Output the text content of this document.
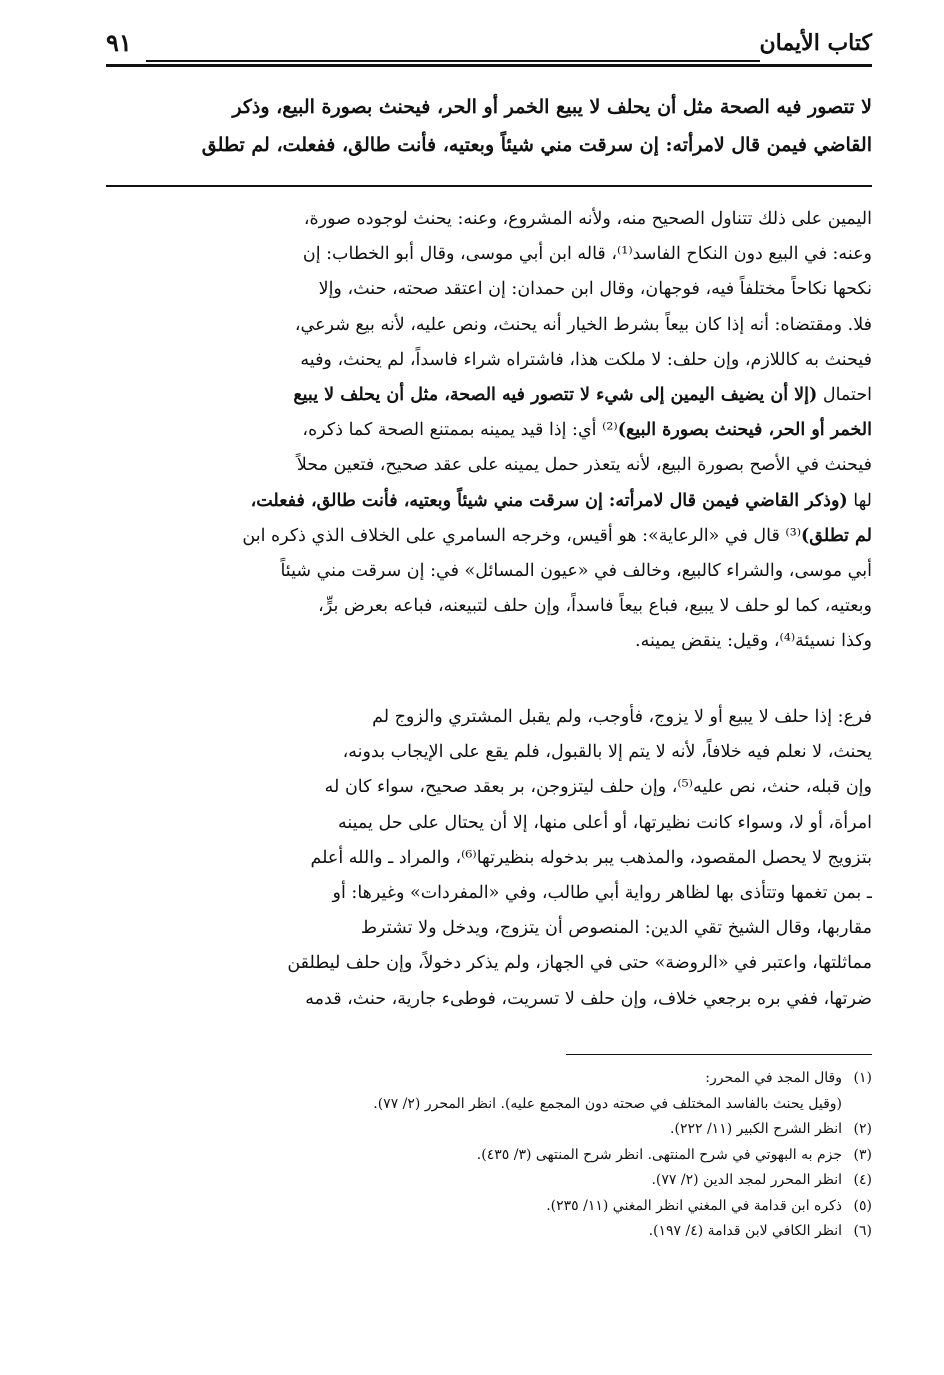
كتاب الأيمان
٩١
لا تتصور فيه الصحة مثل أن يحلف لا يبيع الخمر أو الحر، فيحنث بصورة البيع، وذكر
القاضي فيمن قال لامرأته: إن سرقت مني شيئاً وبعتيه، فأنت طالق، ففعلت، لم تطلق
اليمين على ذلك تتناول الصحيح منه، ولأنه المشروع، وعنه: يحنث لوجوده صورة،
وعنه: في البيع دون النكاح الفاسد⁽¹⁾، قاله ابن أبي موسى، وقال أبو الخطاب: إن
نكحها نكاحاً مختلفاً فيه، فوجهان، وقال ابن حمدان: إن اعتقد صحته، حنث، وإلا
فلا. ومقتضاه: أنه إذا كان بيعاً بشرط الخيار أنه يحنث، ونص عليه، لأنه بيع شرعي،
فيحنث به كاللازم، وإن حلف: لا ملكت هذا، فاشتراه شراء فاسداً، لم يحنث، وفيه
احتمال (إلا أن يضيف اليمين إلى شيء لا تتصور فيه الصحة، مثل أن يحلف لا يبيع
الخمر أو الحر، فيحنث بصورة البيع)⁽²⁾ أي: إذا قيد يمينه بممتنع الصحة كما ذكره،
فيحنث في الأصح بصورة البيع، لأنه يتعذر حمل يمينه على عقد صحيح، فتعين محلاً
لها (وذكر القاضي فيمن قال لامرأته: إن سرقت مني شيئاً وبعتيه، فأنت طالق، ففعلت،
لم تطلق)⁽³⁾ قال في «الرعاية»: هو أقيس، وخرجه السامري على الخلاف الذي ذكره ابن
أبي موسى، والشراء كالبيع، وخالف في «عيون المسائل» في: إن سرقت مني شيئاً
وبعتيه، كما لو حلف لا يبيع، فباع بيعاً فاسداً، وإن حلف لتبيعنه، فباعه بعرض برٍّ،
وكذا نسيئة⁽⁴⁾، وقيل: ينقض يمينه.
فرع: إذا حلف لا يبيع أو لا يزوج، فأوجب، ولم يقبل المشتري والزوج لم
يحنث، لا نعلم فيه خلافاً، لأنه لا يتم إلا بالقبول، فلم يقع على الإيجاب بدونه،
وإن قبله، حنث، نص عليه⁽⁵⁾، وإن حلف ليتزوجن، بر بعقد صحيح، سواء كان له
امرأة، أو لا، وسواء كانت نظيرتها، أو أعلى منها، إلا أن يحتال على حل يمينه
بتزويج لا يحصل المقصود، والمذهب يبر بدخوله بنظيرتها⁽⁶⁾، والمراد ـ والله أعلم
ـ بمن تغمها وتتأذى بها لظاهر رواية أبي طالب، وفي «المفردات» وغيرها: أو
مقاربها، وقال الشيخ تقي الدين: المنصوص أن يتزوج، ويدخل ولا تشترط
مماثلتها، واعتبر في «الروضة» حتى في الجهاز، ولم يذكر دخولاً، وإن حلف ليطلقن
ضرتها، ففي بره برجعي خلاف، وإن حلف لا تسريت، فوطىء جارية، حنث، قدمه
(١)وقال المجد في المحرر:
(وقيل يحنث بالفاسد المختلف في صحته دون المجمع عليه). انظر المحرر (٢/ ٧٧).
(٢)انظر الشرح الكبير (١١/ ٢٢٢).
(٣)جزم به البهوتي في شرح المنتهى. انظر شرح المنتهى (٣/ ٤٣٥).
(٤)انظر المحرر لمجد الدين (٢/ ٧٧).
(٥)ذكره ابن قدامة في المغني انظر المغني (١١/ ٢٣٥).
(٦)انظر الكافي لابن قدامة (٤/ ١٩٧).
